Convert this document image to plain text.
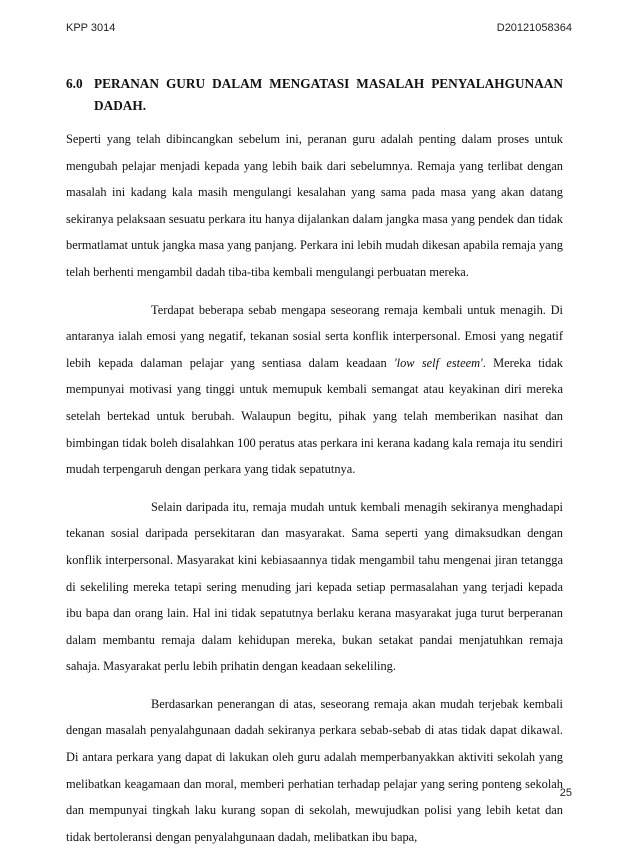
KPP 3014	D20121058364
6.0 PERANAN GURU DALAM MENGATASI MASALAH PENYALAHGUNAAN
DADAH.

Seperti yang telah dibincangkan sebelum ini, peranan guru adalah penting dalam proses untuk mengubah pelajar menjadi kepada yang lebih baik dari sebelumnya. Remaja yang terlibat dengan masalah ini kadang kala masih mengulangi kesalahan yang sama pada masa yang akan datang sekiranya pelaksaan sesuatu perkara itu hanya dijalankan dalam jangka masa yang pendek dan tidak bermatlamat untuk jangka masa yang panjang. Perkara ini lebih mudah dikesan apabila remaja yang telah berhenti mengambil dadah tiba-tiba kembali mengulangi perbuatan mereka.

Terdapat beberapa sebab mengapa seseorang remaja kembali untuk menagih. Di antaranya ialah emosi yang negatif, tekanan sosial serta konflik interpersonal. Emosi yang negatif lebih kepada dalaman pelajar yang sentiasa dalam keadaan 'low self esteem'. Mereka tidak mempunyai motivasi yang tinggi untuk memupuk kembali semangat atau keyakinan diri mereka setelah bertekad untuk berubah. Walaupun begitu, pihak yang telah memberikan nasihat dan bimbingan tidak boleh disalahkan 100 peratus atas perkara ini kerana kadang kala remaja itu sendiri mudah terpengaruh dengan perkara yang tidak sepatutnya.

Selain daripada itu, remaja mudah untuk kembali menagih sekiranya menghadapi tekanan sosial daripada persekitaran dan masyarakat. Sama seperti yang dimaksudkan dengan konflik interpersonal. Masyarakat kini kebiasaannya tidak mengambil tahu mengenai jiran tetangga di sekeliling mereka tetapi sering menuding jari kepada setiap permasalahan yang terjadi kepada ibu bapa dan orang lain. Hal ini tidak sepatutnya berlaku kerana masyarakat juga turut berperanan dalam membantu remaja dalam kehidupan mereka, bukan setakat pandai menjatuhkan remaja sahaja. Masyarakat perlu lebih prihatin dengan keadaan sekeliling.

Berdasarkan penerangan di atas, seseorang remaja akan mudah terjebak kembali dengan masalah penyalahgunaan dadah sekiranya perkara sebab-sebab di atas tidak dapat dikawal. Di antara perkara yang dapat di lakukan oleh guru adalah memperbanyakkan aktiviti sekolah yang melibatkan keagamaan dan moral, memberi perhatian terhadap pelajar yang sering ponteng sekolah dan mempunyai tingkah laku kurang sopan di sekolah, mewujudkan polisi yang lebih ketat dan tidak bertoleransi dengan penyalahgunaan dadah, melibatkan ibu bapa,

25
